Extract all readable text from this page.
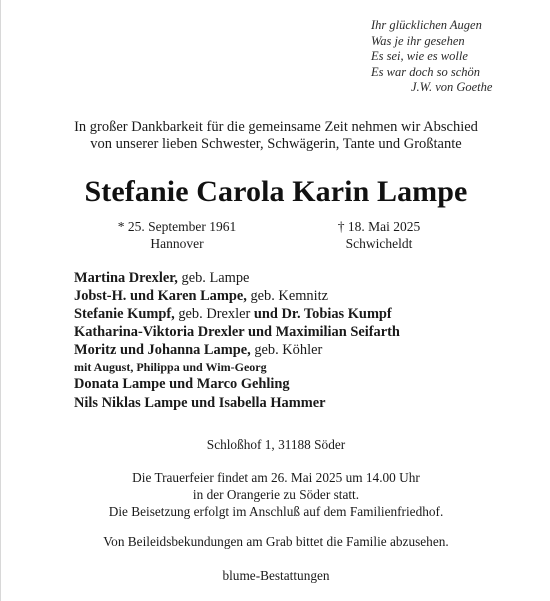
Ihr glücklichen Augen
Was je ihr gesehen
Es sei, wie es wolle
Es war doch so schön
J.W. von Goethe
In großer Dankbarkeit für die gemeinsame Zeit nehmen wir Abschied
von unserer lieben Schwester, Schwägerin, Tante und Großtante
Stefanie Carola Karin Lampe
* 25. September 1961
Hannover
† 18. Mai 2025
Schwicheldt
Martina Drexler, geb. Lampe
Jobst-H. und Karen Lampe, geb. Kemnitz
Stefanie Kumpf, geb. Drexler und Dr. Tobias Kumpf
Katharina-Viktoria Drexler und Maximilian Seifarth
Moritz und Johanna Lampe, geb. Köhler
mit August, Philippa und Wim-Georg
Donata Lampe und Marco Gehling
Nils Niklas Lampe und Isabella Hammer
Schloßhof 1, 31188 Söder
Die Trauerfeier findet am 26. Mai 2025 um 14.00 Uhr
in der Orangerie zu Söder statt.
Die Beisetzung erfolgt im Anschluß auf dem Familienfriedhof.
Von Beileidsbekundungen am Grab bittet die Familie abzusehen.
blume-Bestattungen
